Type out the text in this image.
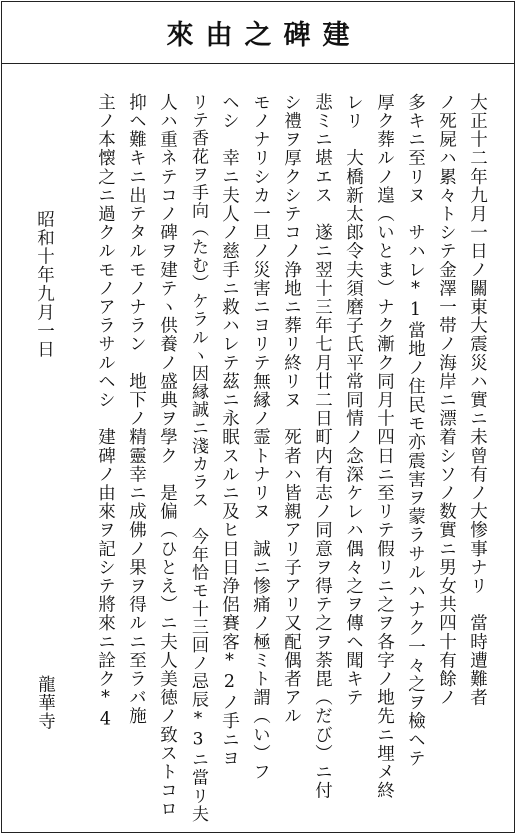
來由之碑建
大正十二年九月一日ノ關東大震災ハ實ニ未曾有ノ大惨事ナリ　當時遭難者
ノ死屍ハ累々トシテ金澤一帯ノ海岸ニ漂着シソノ数實ニ男女共四十有餘ノ
多キニ至リヌ　サハレ*1當地ノ住民モ亦震害ヲ蒙ラサルハナク一々之ヲ檢ヘテ
厚ク葬ルノ遑（いとま）ナク漸ク同月十四日ニ至リテ假リニ之ヲ各字ノ地先ニ埋メ終
レリ　大橋新太郎令夫須磨子氏平常同情ノ念深ケレハ偶々之ヲ傳ヘ聞キテ
悲ミニ堪エス　遂ニ翌十三年七月廿二日町内有志ノ同意ヲ得テ之ヲ荼毘（だび）ニ付
シ禮ヲ厚クシテコノ浄地ニ葬リ終リヌ　死者ハ皆親アリ子アリ又配偶者アル
モノナリシカ一旦ノ災害ニヨリテ無縁ノ霊トナリヌ　誠ニ惨痛ノ極ミト謂（い）フ
ヘシ　幸ニ夫人ノ慈手ニ救ハレテ茲ニ永眠スルニ及ヒ日日浄侶賽客*2ノ手ニヨ
リテ香花ヲ手向（たむ）ケラルヽ因縁誠ニ淺カラス　今年恰モ十三回ノ忌辰*3ニ當リ夫
人ハ重ネテコノ碑ヲ建テヽ供養ノ盛典ヲ學ク　是偏（ひとえ）ニ夫人美徳ノ致ストコロ
抑ヘ難キニ出テタルモノナラン　地下ノ精靈幸ニ成佛ノ果ヲ得ルニ至ラバ施
主ノ本懐之ニ過クルモノアラサルヘシ　建碑ノ由來ヲ記シテ將來ニ詮ク*4
昭和十年九月一日
龍華寺
